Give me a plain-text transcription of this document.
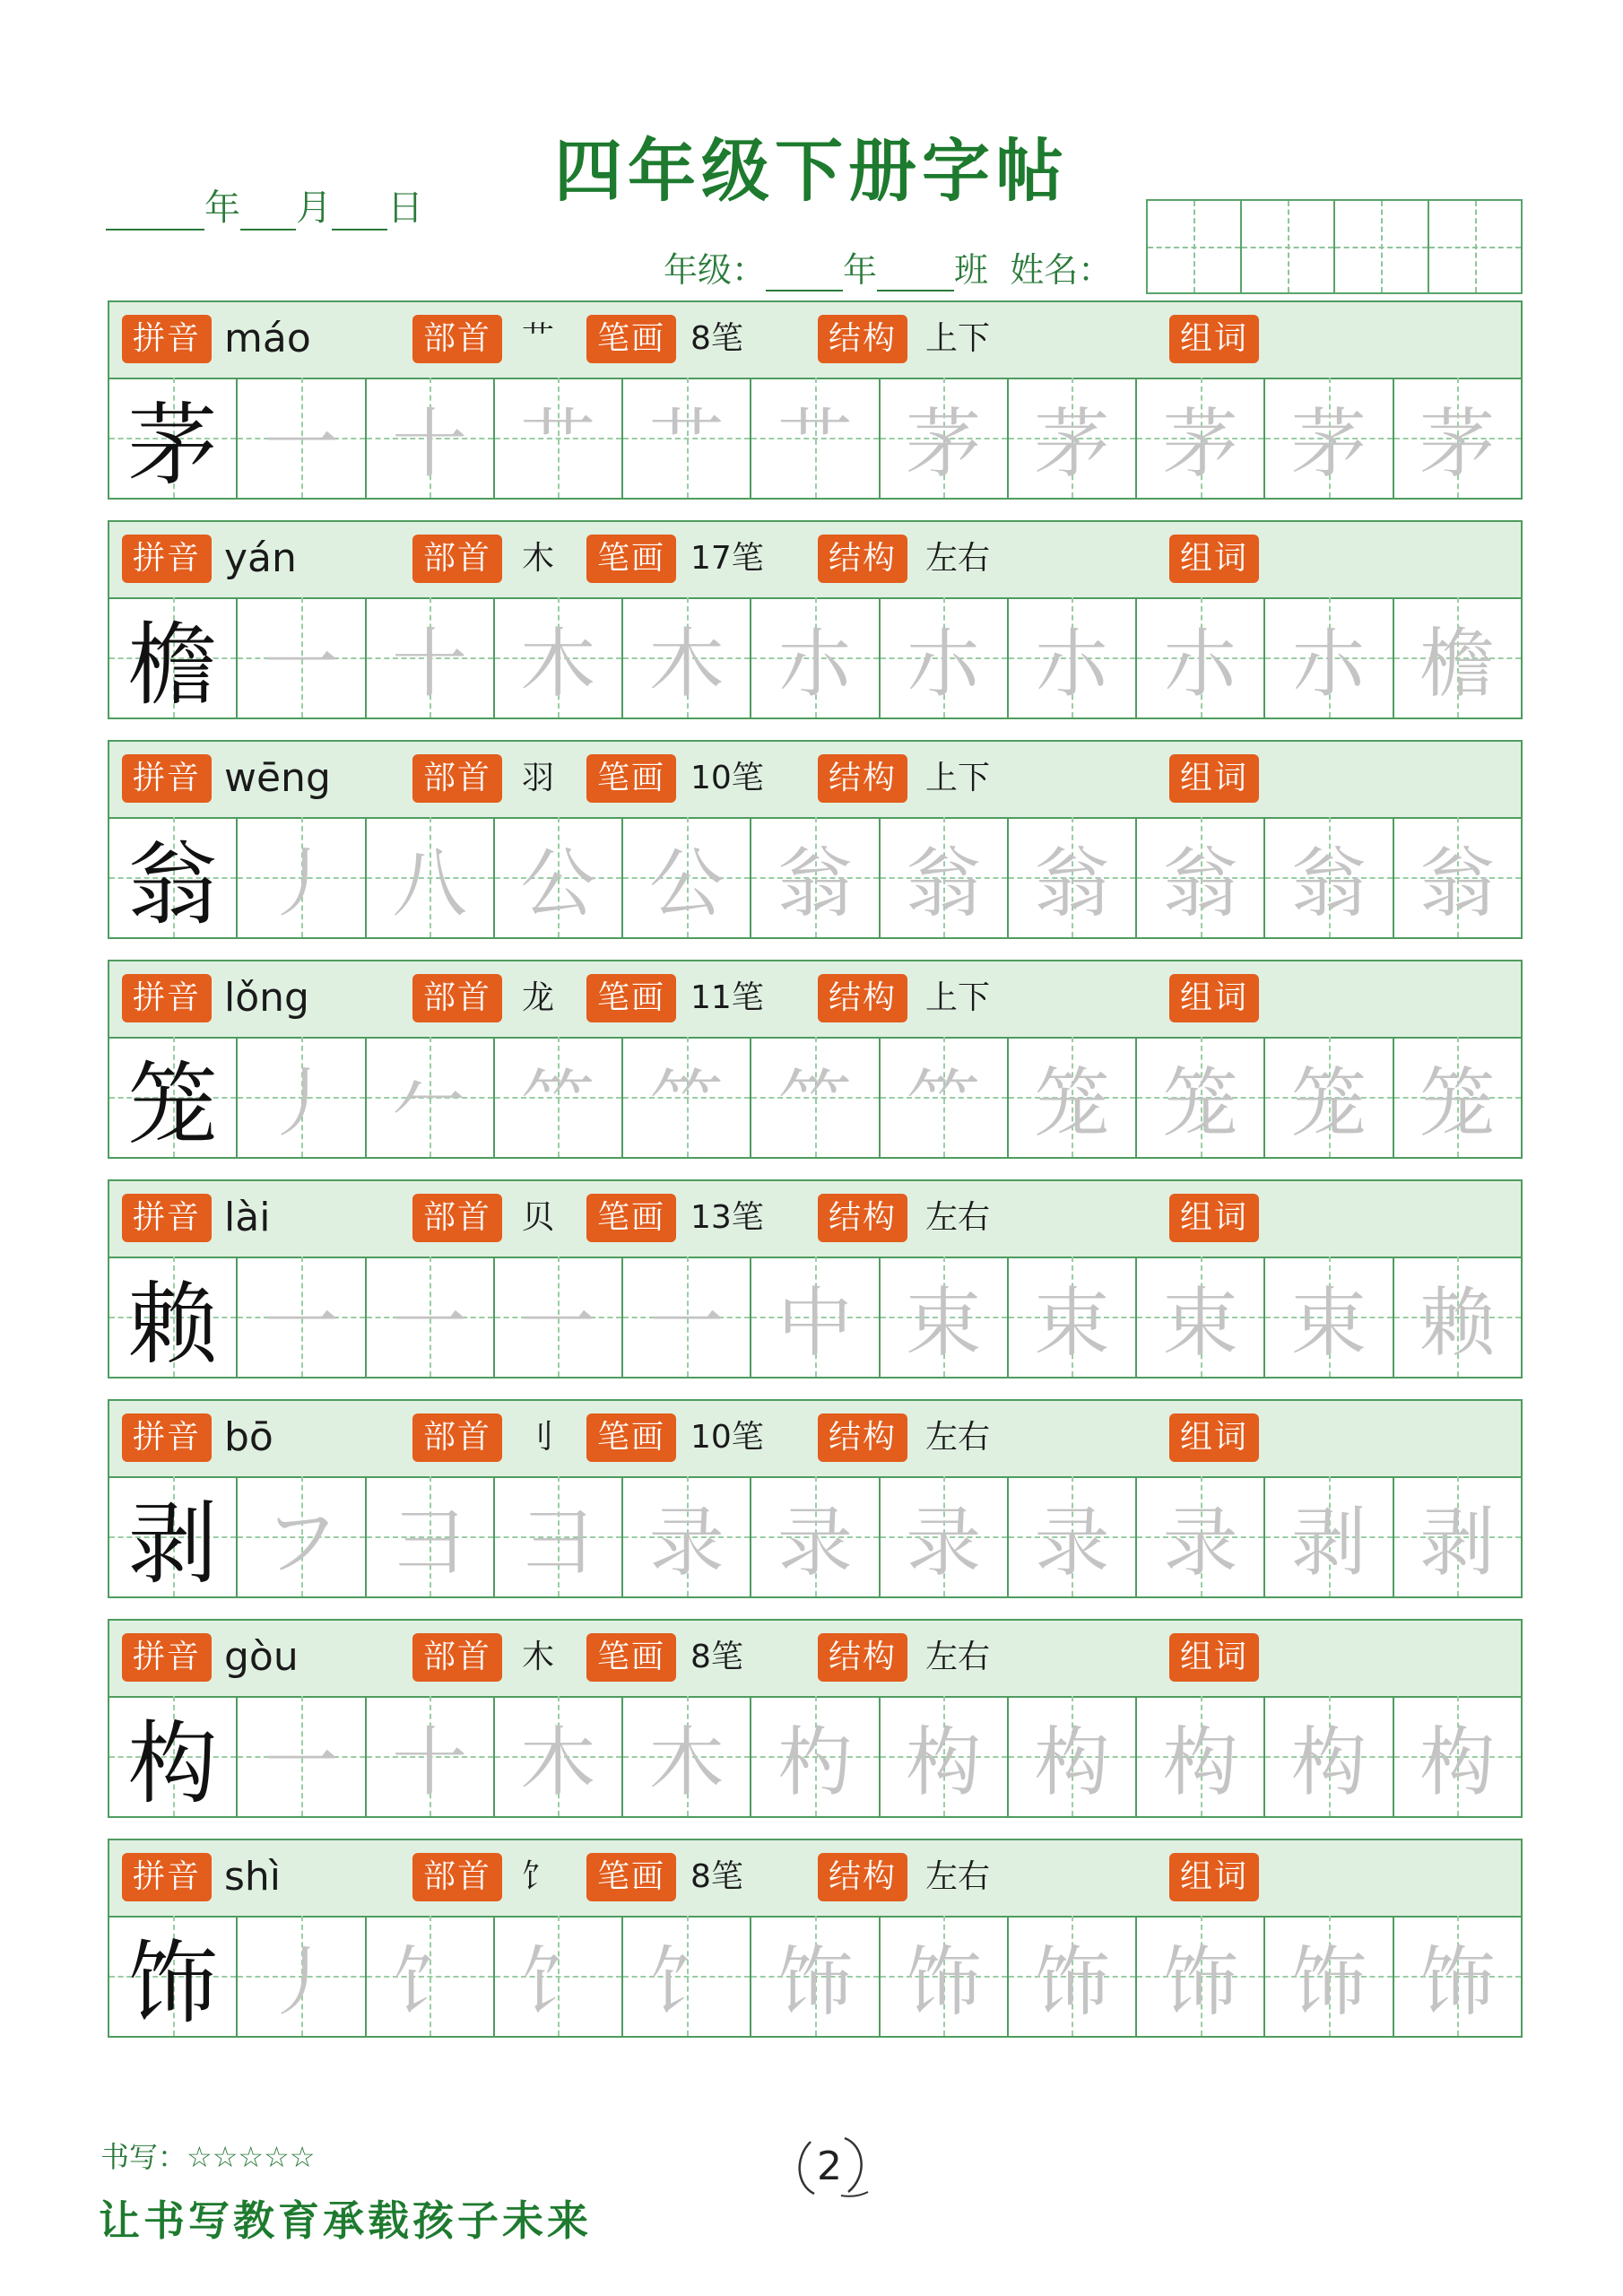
四年级下册字帖
年 月 日
年级： 年 班 姓名：
拼音 máo	部首 艹	笔画 8笔	结构 上下	组词
茅 一 十 艹 艹 艹 茅 茅 茅 茅 茅
拼音 yán	部首 木	笔画 17笔	结构 左右	组词
檐 一 十 木 木 朩 朩 朩 朩 朩 檐
拼音 wēng	部首 羽	笔画 10笔	结构 上下	组词
翁 丿 八 公 公 翁 翁 翁 翁 翁 翁
拼音 lǒng	部首 龙	笔画 11笔	结构 上下	组词
笼 丿 𠂉 ⺮ ⺮ ⺮ ⺮ 笼 笼 笼 笼
拼音 lài	部首 贝	笔画 13笔	结构 左右	组词
赖 一 一 一 一 中 束 束 束 束 赖
拼音 bō	部首 刂	笔画 10笔	结构 左右	组词
剥 フ 彐 彐 录 录 录 录 录 剥 剥
拼音 gòu	部首 木	笔画 8笔	结构 左右	组词
构 一 十 木 木 杓 构 构 构 构 构
拼音 shì	部首 饣	笔画 8笔	结构 左右	组词
饰 丿 饣 饣 饣 饰 饰 饰 饰 饰 饰
书写：☆☆☆☆☆	2
让书写教育承载孩子未来
